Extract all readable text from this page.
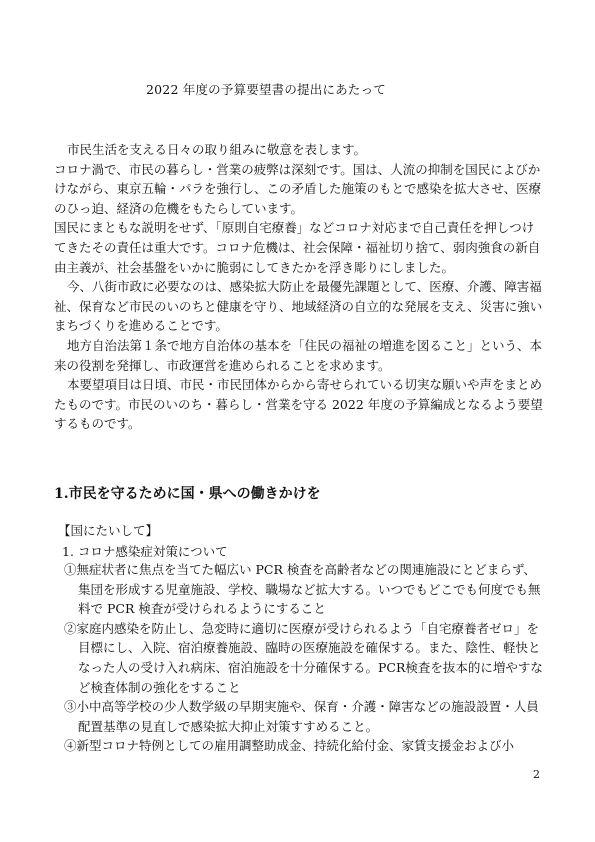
2022 年度の予算要望書の提出にあたって

市民生活を支える日々の取り組みに敬意を表します。

コロナ渦で、市民の暮らし・営業の疲弊は深刻です。国は、人流の抑制を国民によびかけながら、東京五輪・パラを強行し、この矛盾した施策のもとで感染を拡大させ、医療のひっ迫、経済の危機をもたらしています。

国民にまともな説明をせず、「原則自宅療養」などコロナ対応まで自己責任を押しつけてきたその責任は重大です。コロナ危機は、社会保障・福祉切り捨て、弱肉強食の新自由主義が、社会基盤をいかに脆弱にしてきたかを浮き彫りにしました。

今、八街市政に必要なのは、感染拡大防止を最優先課題として、医療、介護、障害福祉、保育など市民のいのちと健康を守り、地域経済の自立的な発展を支え、災害に強いまちづくりを進めることです。

地方自治法第１条で地方自治体の基本を「住民の福祉の増進を図ること」という、本来の役割を発揮し、市政運営を進められることを求めます。

本要望項目は日頃、市民・市民団体からから寄せられている切実な願いや声をまとめたものです。市民のいのち・暮らし・営業を守る 2022 年度の予算編成となるよう要望するものです。

1.市民を守るために国・県への働きかけを
【国にたいして】
1. コロナ感染症対策について

①無症状者に焦点を当てた幅広い PCR 検査を高齢者などの関連施設にとどまらず、集団を形成する児童施設、学校、職場など拡大する。いつでもどこでも何度でも無料で PCR 検査が受けられるようにすること

②家庭内感染を防止し、急変時に適切に医療が受けられるよう「自宅療養者ゼロ」を目標にし、入院、宿泊療養施設、臨時の医療施設を確保する。また、陰性、軽快となった人の受け入れ病床、宿泊施設を十分確保する。PCR検査を抜本的に増やすなど検査体制の強化をすること

③小中高等学校の少人数学級の早期実施や、保育・介護・障害などの施設設置・人員配置基準の見直しで感染拡大抑止対策すすめること。

④新型コロナ特例としての雇用調整助成金、持続化給付金、家賃支援金および小

2
